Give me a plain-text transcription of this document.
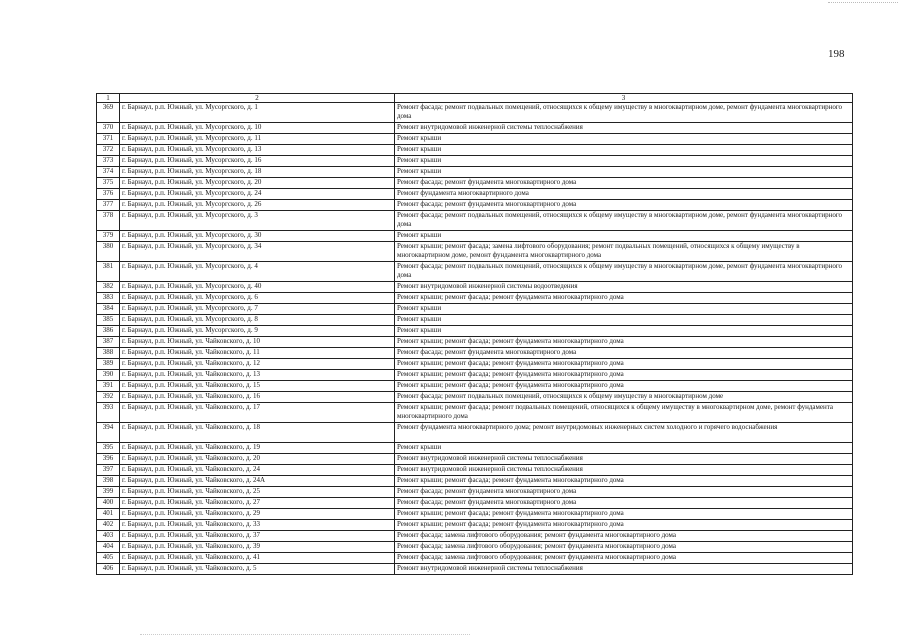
198
1	2	3
369	г. Барнаул, р.п. Южный, ул. Мусоргского, д. 1	Ремонт фасада; ремонт подвальных помещений, относящихся к общему имуществу в многоквартирном доме, ремонт фундамента многоквартирного дома
370	г. Барнаул, р.п. Южный, ул. Мусоргского, д. 10	Ремонт внутридомовой инженерной системы теплоснабжения
371	г. Барнаул, р.п. Южный, ул. Мусоргского, д. 11	Ремонт крыши
372	г. Барнаул, р.п. Южный, ул. Мусоргского, д. 13	Ремонт крыши
373	г. Барнаул, р.п. Южный, ул. Мусоргского, д. 16	Ремонт крыши
374	г. Барнаул, р.п. Южный, ул. Мусоргского, д. 18	Ремонт крыши
375	г. Барнаул, р.п. Южный, ул. Мусоргского, д. 20	Ремонт фасада; ремонт фундамента многоквартирного дома
376	г. Барнаул, р.п. Южный, ул. Мусоргского, д. 24	Ремонт фундамента многоквартирного дома
377	г. Барнаул, р.п. Южный, ул. Мусоргского, д. 26	Ремонт фасада; ремонт фундамента многоквартирного дома
378	г. Барнаул, р.п. Южный, ул. Мусоргского, д. 3	Ремонт фасада; ремонт подвальных помещений, относящихся к общему имуществу в многоквартирном доме, ремонт фундамента многоквартирного дома
379	г. Барнаул, р.п. Южный, ул. Мусоргского, д. 30	Ремонт крыши
380	г. Барнаул, р.п. Южный, ул. Мусоргского, д. 34	Ремонт крыши; ремонт фасада; замена лифтового оборудования; ремонт подвальных помещений, относящихся к общему имуществу в многоквартирном доме, ремонт фундамента многоквартирного дома
381	г. Барнаул, р.п. Южный, ул. Мусоргского, д. 4	Ремонт фасада; ремонт подвальных помещений, относящихся к общему имуществу в многоквартирном доме, ремонт фундамента многоквартирного дома
382	г. Барнаул, р.п. Южный, ул. Мусоргского, д. 40	Ремонт внутридомовой инженерной системы водоотведения
383	г. Барнаул, р.п. Южный, ул. Мусоргского, д. 6	Ремонт крыши; ремонт фасада; ремонт фундамента многоквартирного дома
384	г. Барнаул, р.п. Южный, ул. Мусоргского, д. 7	Ремонт крыши
385	г. Барнаул, р.п. Южный, ул. Мусоргского, д. 8	Ремонт крыши
386	г. Барнаул, р.п. Южный, ул. Мусоргского, д. 9	Ремонт крыши
387	г. Барнаул, р.п. Южный, ул. Чайковского, д. 10	Ремонт крыши; ремонт фасада; ремонт фундамента многоквартирного дома
388	г. Барнаул, р.п. Южный, ул. Чайковского, д. 11	Ремонт фасада; ремонт фундамента многоквартирного дома
389	г. Барнаул, р.п. Южный, ул. Чайковского, д. 12	Ремонт крыши; ремонт фасада; ремонт фундамента многоквартирного дома
390	г. Барнаул, р.п. Южный, ул. Чайковского, д. 13	Ремонт крыши; ремонт фасада; ремонт фундамента многоквартирного дома
391	г. Барнаул, р.п. Южный, ул. Чайковского, д. 15	Ремонт крыши; ремонт фасада; ремонт фундамента многоквартирного дома
392	г. Барнаул, р.п. Южный, ул. Чайковского, д. 16	Ремонт фасада; ремонт подвальных помещений, относящихся к общему имуществу в многоквартирном доме
393	г. Барнаул, р.п. Южный, ул. Чайковского, д. 17	Ремонт крыши; ремонт фасада; ремонт подвальных помещений, относящихся к общему имуществу в многоквартирном доме, ремонт фундамента многоквартирного дома
394	г. Барнаул, р.п. Южный, ул. Чайковского, д. 18	Ремонт фундамента многоквартирного дома; ремонт внутридомовых инженерных систем холодного и горячего водоснабжения
395	г. Барнаул, р.п. Южный, ул. Чайковского, д. 19	Ремонт крыши
396	г. Барнаул, р.п. Южный, ул. Чайковского, д. 20	Ремонт внутридомовой инженерной системы теплоснабжения
397	г. Барнаул, р.п. Южный, ул. Чайковского, д. 24	Ремонт внутридомовой инженерной системы теплоснабжения
398	г. Барнаул, р.п. Южный, ул. Чайковского, д. 24А	Ремонт крыши; ремонт фасада; ремонт фундамента многоквартирного дома
399	г. Барнаул, р.п. Южный, ул. Чайковского, д. 25	Ремонт фасада; ремонт фундамента многоквартирного дома
400	г. Барнаул, р.п. Южный, ул. Чайковского, д. 27	Ремонт фасада; ремонт фундамента многоквартирного дома
401	г. Барнаул, р.п. Южный, ул. Чайковского, д. 29	Ремонт крыши; ремонт фасада; ремонт фундамента многоквартирного дома
402	г. Барнаул, р.п. Южный, ул. Чайковского, д. 33	Ремонт крыши; ремонт фасада; ремонт фундамента многоквартирного дома
403	г. Барнаул, р.п. Южный, ул. Чайковского, д. 37	Ремонт фасада; замена лифтового оборудования; ремонт фундамента многоквартирного дома
404	г. Барнаул, р.п. Южный, ул. Чайковского, д. 39	Ремонт фасада; замена лифтового оборудования; ремонт фундамента многоквартирного дома
405	г. Барнаул, р.п. Южный, ул. Чайковского, д. 41	Ремонт фасада; замена лифтового оборудования; ремонт фундамента многоквартирного дома
406	г. Барнаул, р.п. Южный, ул. Чайковского, д. 5	Ремонт внутридомовой инженерной системы теплоснабжения
